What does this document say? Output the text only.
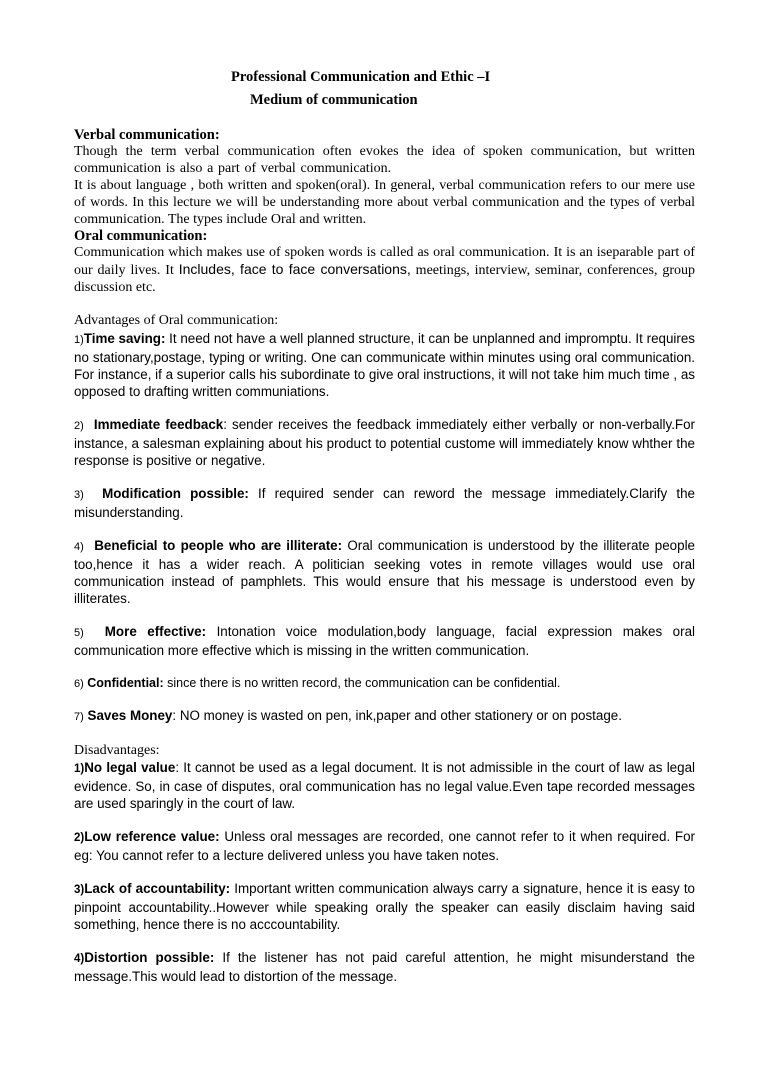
Professional Communication and Ethic –I
Medium of communication
Verbal communication:

Though the term verbal communication often evokes the idea of spoken communication, but written communication is also a part of verbal communication.

It is about language , both written and spoken(oral). In general, verbal communication refers to our mere use of words. In this lecture we will be understanding more about verbal communication and the types of verbal communication. The types include Oral and written.

Oral communication:

Communication which makes use of spoken words is called as oral communication. It is an iseparable part of our daily lives. It Includes, face to face conversations, meetings, interview, seminar, conferences, group discussion etc.

Advantages of Oral communication:

1)Time saving: It need not have a well planned structure, it can be unplanned and impromptu. It requires no stationary,postage, typing or writing. One can communicate within minutes using oral communication. For instance, if a superior calls his subordinate to give oral instructions, it will not take him much time , as opposed to drafting written communiations.

2) Immediate feedback: sender receives the feedback immediately either verbally or non-verbally.For instance, a salesman explaining about his product to potential custome will immediately know whther the response is positive or negative.

3) Modification possible: If required sender can reword the message immediately.Clarify the misunderstanding.

4) Beneficial to people who are illiterate: Oral communication is understood by the illiterate people too,hence it has a wider reach. A politician seeking votes in remote villages would use oral communication instead of pamphlets. This would ensure that his message is understood even by illiterates.

5) More effective: Intonation voice modulation,body language, facial expression makes oral communication more effective which is missing in the written communication.

6) Confidential: since there is no written record, the communication can be confidential.

7) Saves Money: NO money is wasted on pen, ink,paper and other stationery or on postage.

Disadvantages:

1)No legal value: It cannot be used as a legal document. It is not admissible in the court of law as legal evidence. So, in case of disputes, oral communication has no legal value.Even tape recorded messages are used sparingly in the court of law.

2)Low reference value: Unless oral messages are recorded, one cannot refer to it when required. For eg: You cannot refer to a lecture delivered unless you have taken notes.

3)Lack of accountability: Important written communication always carry a signature, hence it is easy to pinpoint accountability..However while speaking orally the speaker can easily disclaim having said something, hence there is no acccountability.

4)Distortion possible: If the listener has not paid careful attention, he might misunderstand the message.This would lead to distortion of the message.
